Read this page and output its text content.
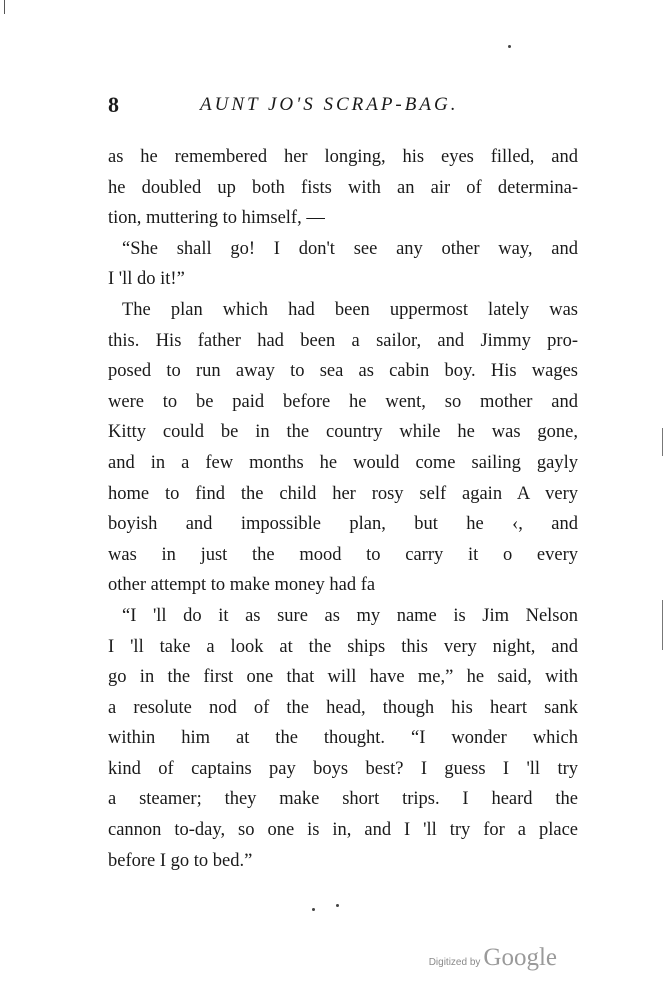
8	AUNT JO'S SCRAP-BAG.
as he remembered her longing, his eyes filled, and
he doubled up both fists with an air of determina-
tion, muttering to himself, —
“She shall go! I don't see any other way, and
I 'll do it!”
The plan which had been uppermost lately was
this. His father had been a sailor, and Jimmy pro-
posed to run away to sea as cabin boy. His wages
were to be paid before he went, so mother and
Kitty could be in the country while he was gone,
and in a few months he would come sailing gayly
home to find the child her rosy self again A very
boyish and impossible plan, but he ‹, and
was in just the mood to carry it o every
other attempt to make money had fa
“I 'll do it as sure as my name is Jim Nelson
I 'll take a look at the ships this very night, and
go in the first one that will have me,” he said, with
a resolute nod of the head, though his heart sank
within him at the thought. “I wonder which
kind of captains pay boys best? I guess I 'll try
a steamer; they make short trips. I heard the
cannon to-day, so one is in, and I 'll try for a place
before I go to bed.”
Digitized by Google
